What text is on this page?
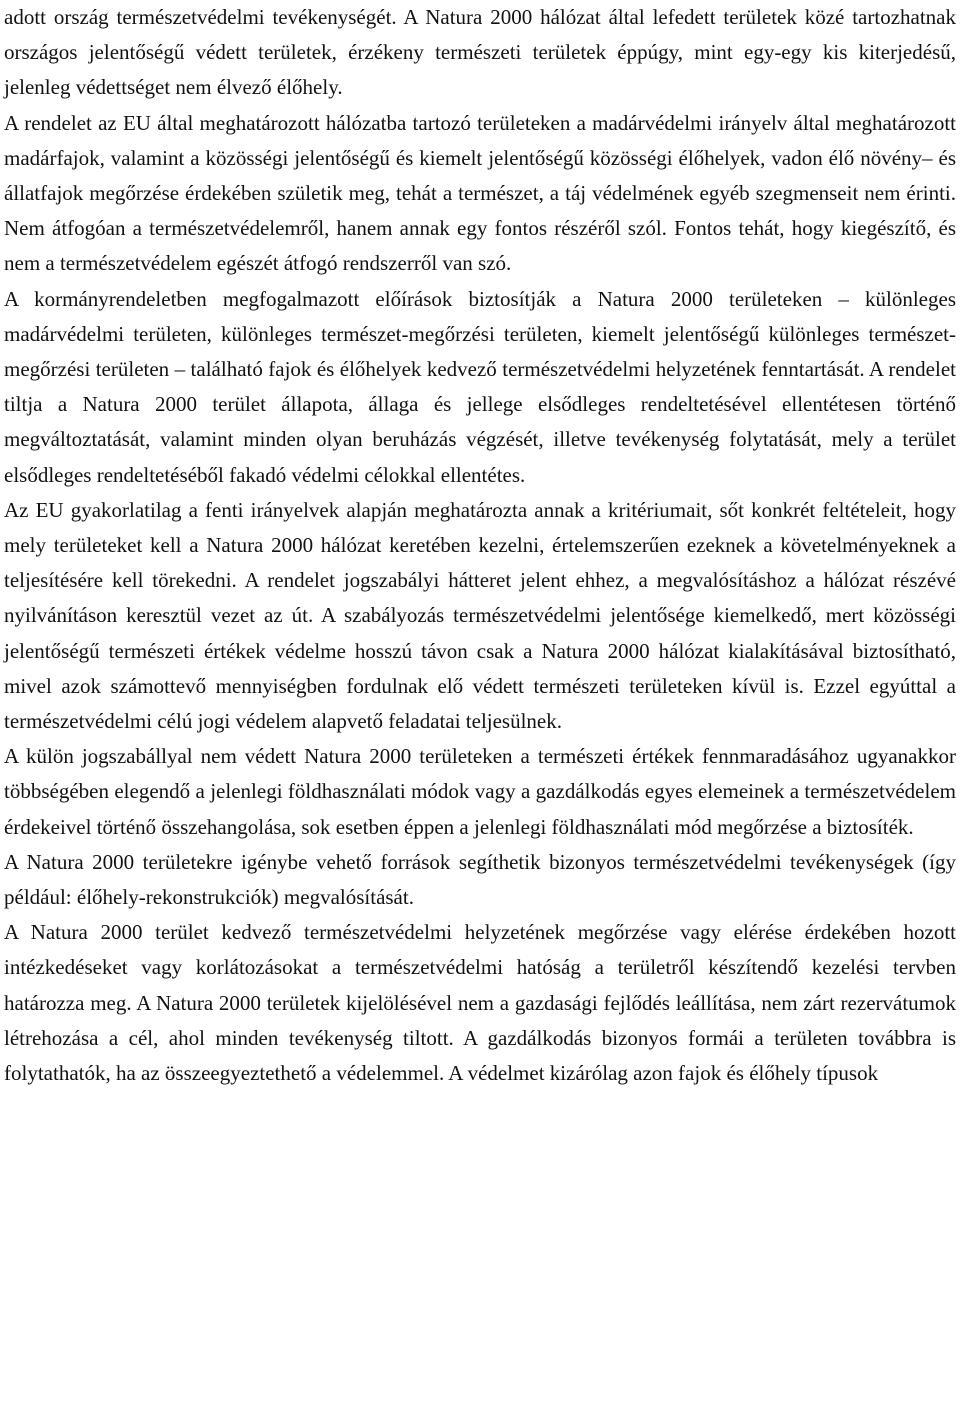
adott ország természetvédelmi tevékenységét. A Natura 2000 hálózat által lefedett területek közé tartozhatnak országos jelentőségű védett területek, érzékeny természeti területek éppúgy, mint egy-egy kis kiterjedésű, jelenleg védettséget nem élvező élőhely.

A rendelet az EU által meghatározott hálózatba tartozó területeken a madárvédelmi irányelv által meghatározott madárfajok, valamint a közösségi jelentőségű és kiemelt jelentőségű közösségi élőhelyek, vadon élő növény– és állatfajok megőrzése érdekében születik meg, tehát a természet, a táj védelmének egyéb szegmenseit nem érinti. Nem átfogóan a természetvédelemről, hanem annak egy fontos részéről szól. Fontos tehát, hogy kiegészítő, és nem a természetvédelem egészét átfogó rendszerről van szó.

A kormányrendeletben megfogalmazott előírások biztosítják a Natura 2000 területeken – különleges madárvédelmi területen, különleges természet-megőrzési területen, kiemelt jelentőségű különleges természet-megőrzési területen – található fajok és élőhelyek kedvező természetvédelmi helyzetének fenntartását. A rendelet tiltja a Natura 2000 terület állapota, állaga és jellege elsődleges rendeltetésével ellentétesen történő megváltoztatását, valamint minden olyan beruházás végzését, illetve tevékenység folytatását, mely a terület elsődleges rendeltetéséből fakadó védelmi célokkal ellentétes.

Az EU gyakorlatilag a fenti irányelvek alapján meghatározta annak a kritériumait, sőt konkrét feltételeit, hogy mely területeket kell a Natura 2000 hálózat keretében kezelni, értelemszerűen ezeknek a követelményeknek a teljesítésére kell törekedni. A rendelet jogszabályi hátteret jelent ehhez, a megvalósításhoz a hálózat részévé nyilvánításon keresztül vezet az út. A szabályozás természetvédelmi jelentősége kiemelkedő, mert közösségi jelentőségű természeti értékek védelme hosszú távon csak a Natura 2000 hálózat kialakításával biztosítható, mivel azok számottevő mennyiségben fordulnak elő védett természeti területeken kívül is. Ezzel egyúttal a természetvédelmi célú jogi védelem alapvető feladatai teljesülnek.

A külön jogszabállyal nem védett Natura 2000 területeken a természeti értékek fennmaradásához ugyanakkor többségében elegendő a jelenlegi földhasználati módok vagy a gazdálkodás egyes elemeinek a természetvédelem érdekeivel történő összehangolása, sok esetben éppen a jelenlegi földhasználati mód megőrzése a biztosíték.

A Natura 2000 területekre igénybe vehető források segíthetik bizonyos természetvédelmi tevékenységek (így például: élőhely-rekonstrukciók) megvalósítását.

A Natura 2000 terület kedvező természetvédelmi helyzetének megőrzése vagy elérése érdekében hozott intézkedéseket vagy korlátozásokat a természetvédelmi hatóság a területről készítendő kezelési tervben határozza meg. A Natura 2000 területek kijelölésével nem a gazdasági fejlődés leállítása, nem zárt rezervátumok létrehozása a cél, ahol minden tevékenység tiltott. A gazdálkodás bizonyos formái a területen továbbra is folytathatók, ha az összeegyeztethető a védelemmel. A védelmet kizárólag azon fajok és élőhely típusok
